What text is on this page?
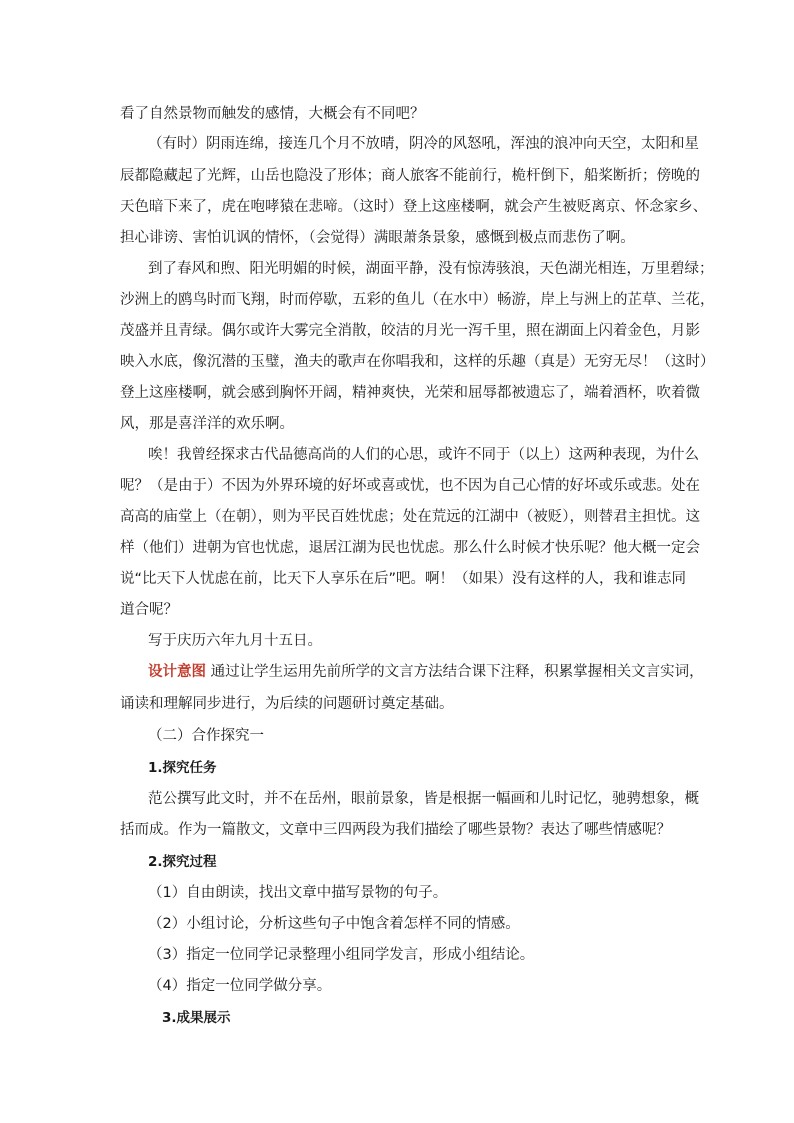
看了自然景物而触发的感情，大概会有不同吧？
（有时）阴雨连绵，接连几个月不放晴，阴冷的风怒吼，浑浊的浪冲向天空，太阳和星
辰都隐藏起了光辉，山岳也隐没了形体；商人旅客不能前行，桅杆倒下，船桨断折；傍晚的
天色暗下来了，虎在咆哮猿在悲啼。（这时）登上这座楼啊，就会产生被贬离京、怀念家乡、
担心诽谤、害怕讥讽的情怀，（会觉得）满眼萧条景象，感慨到极点而悲伤了啊。
到了春风和煦、阳光明媚的时候，湖面平静，没有惊涛骇浪，天色湖光相连，万里碧绿；
沙洲上的鸥鸟时而飞翔，时而停歇，五彩的鱼儿（在水中）畅游，岸上与洲上的芷草、兰花，
茂盛并且青绿。偶尔或许大雾完全消散，皎洁的月光一泻千里，照在湖面上闪着金色，月影
映入水底，像沉潜的玉璧，渔夫的歌声在你唱我和，这样的乐趣（真是）无穷无尽！（这时）
登上这座楼啊，就会感到胸怀开阔，精神爽快，光荣和屈辱都被遗忘了，端着酒杯，吹着微
风，那是喜洋洋的欢乐啊。
唉！我曾经探求古代品德高尚的人们的心思，或许不同于（以上）这两种表现，为什么
呢？（是由于）不因为外界环境的好坏或喜或忧，也不因为自己心情的好坏或乐或悲。处在
高高的庙堂上（在朝），则为平民百姓忧虑；处在荒远的江湖中（被贬），则替君主担忧。这
样（他们）进朝为官也忧虑，退居江湖为民也忧虑。那么什么时候才快乐呢？他大概一定会
说“比天下人忧虑在前，比天下人享乐在后”吧。啊！（如果）没有这样的人，我和谁志同
道合呢？
写于庆历六年九月十五日。
设计意图 通过让学生运用先前所学的文言方法结合课下注释，积累掌握相关文言实词，
诵读和理解同步进行，为后续的问题研讨奠定基础。
（二）合作探究一
1.探究任务
范公撰写此文时，并不在岳州，眼前景象，皆是根据一幅画和儿时记忆，驰骋想象，概
括而成。作为一篇散文，文章中三四两段为我们描绘了哪些景物？表达了哪些情感呢？
2.探究过程
（1）自由朗读，找出文章中描写景物的句子。
（2）小组讨论，分析这些句子中饱含着怎样不同的情感。
（3）指定一位同学记录整理小组同学发言，形成小组结论。
（4）指定一位同学做分享。
3.成果展示
